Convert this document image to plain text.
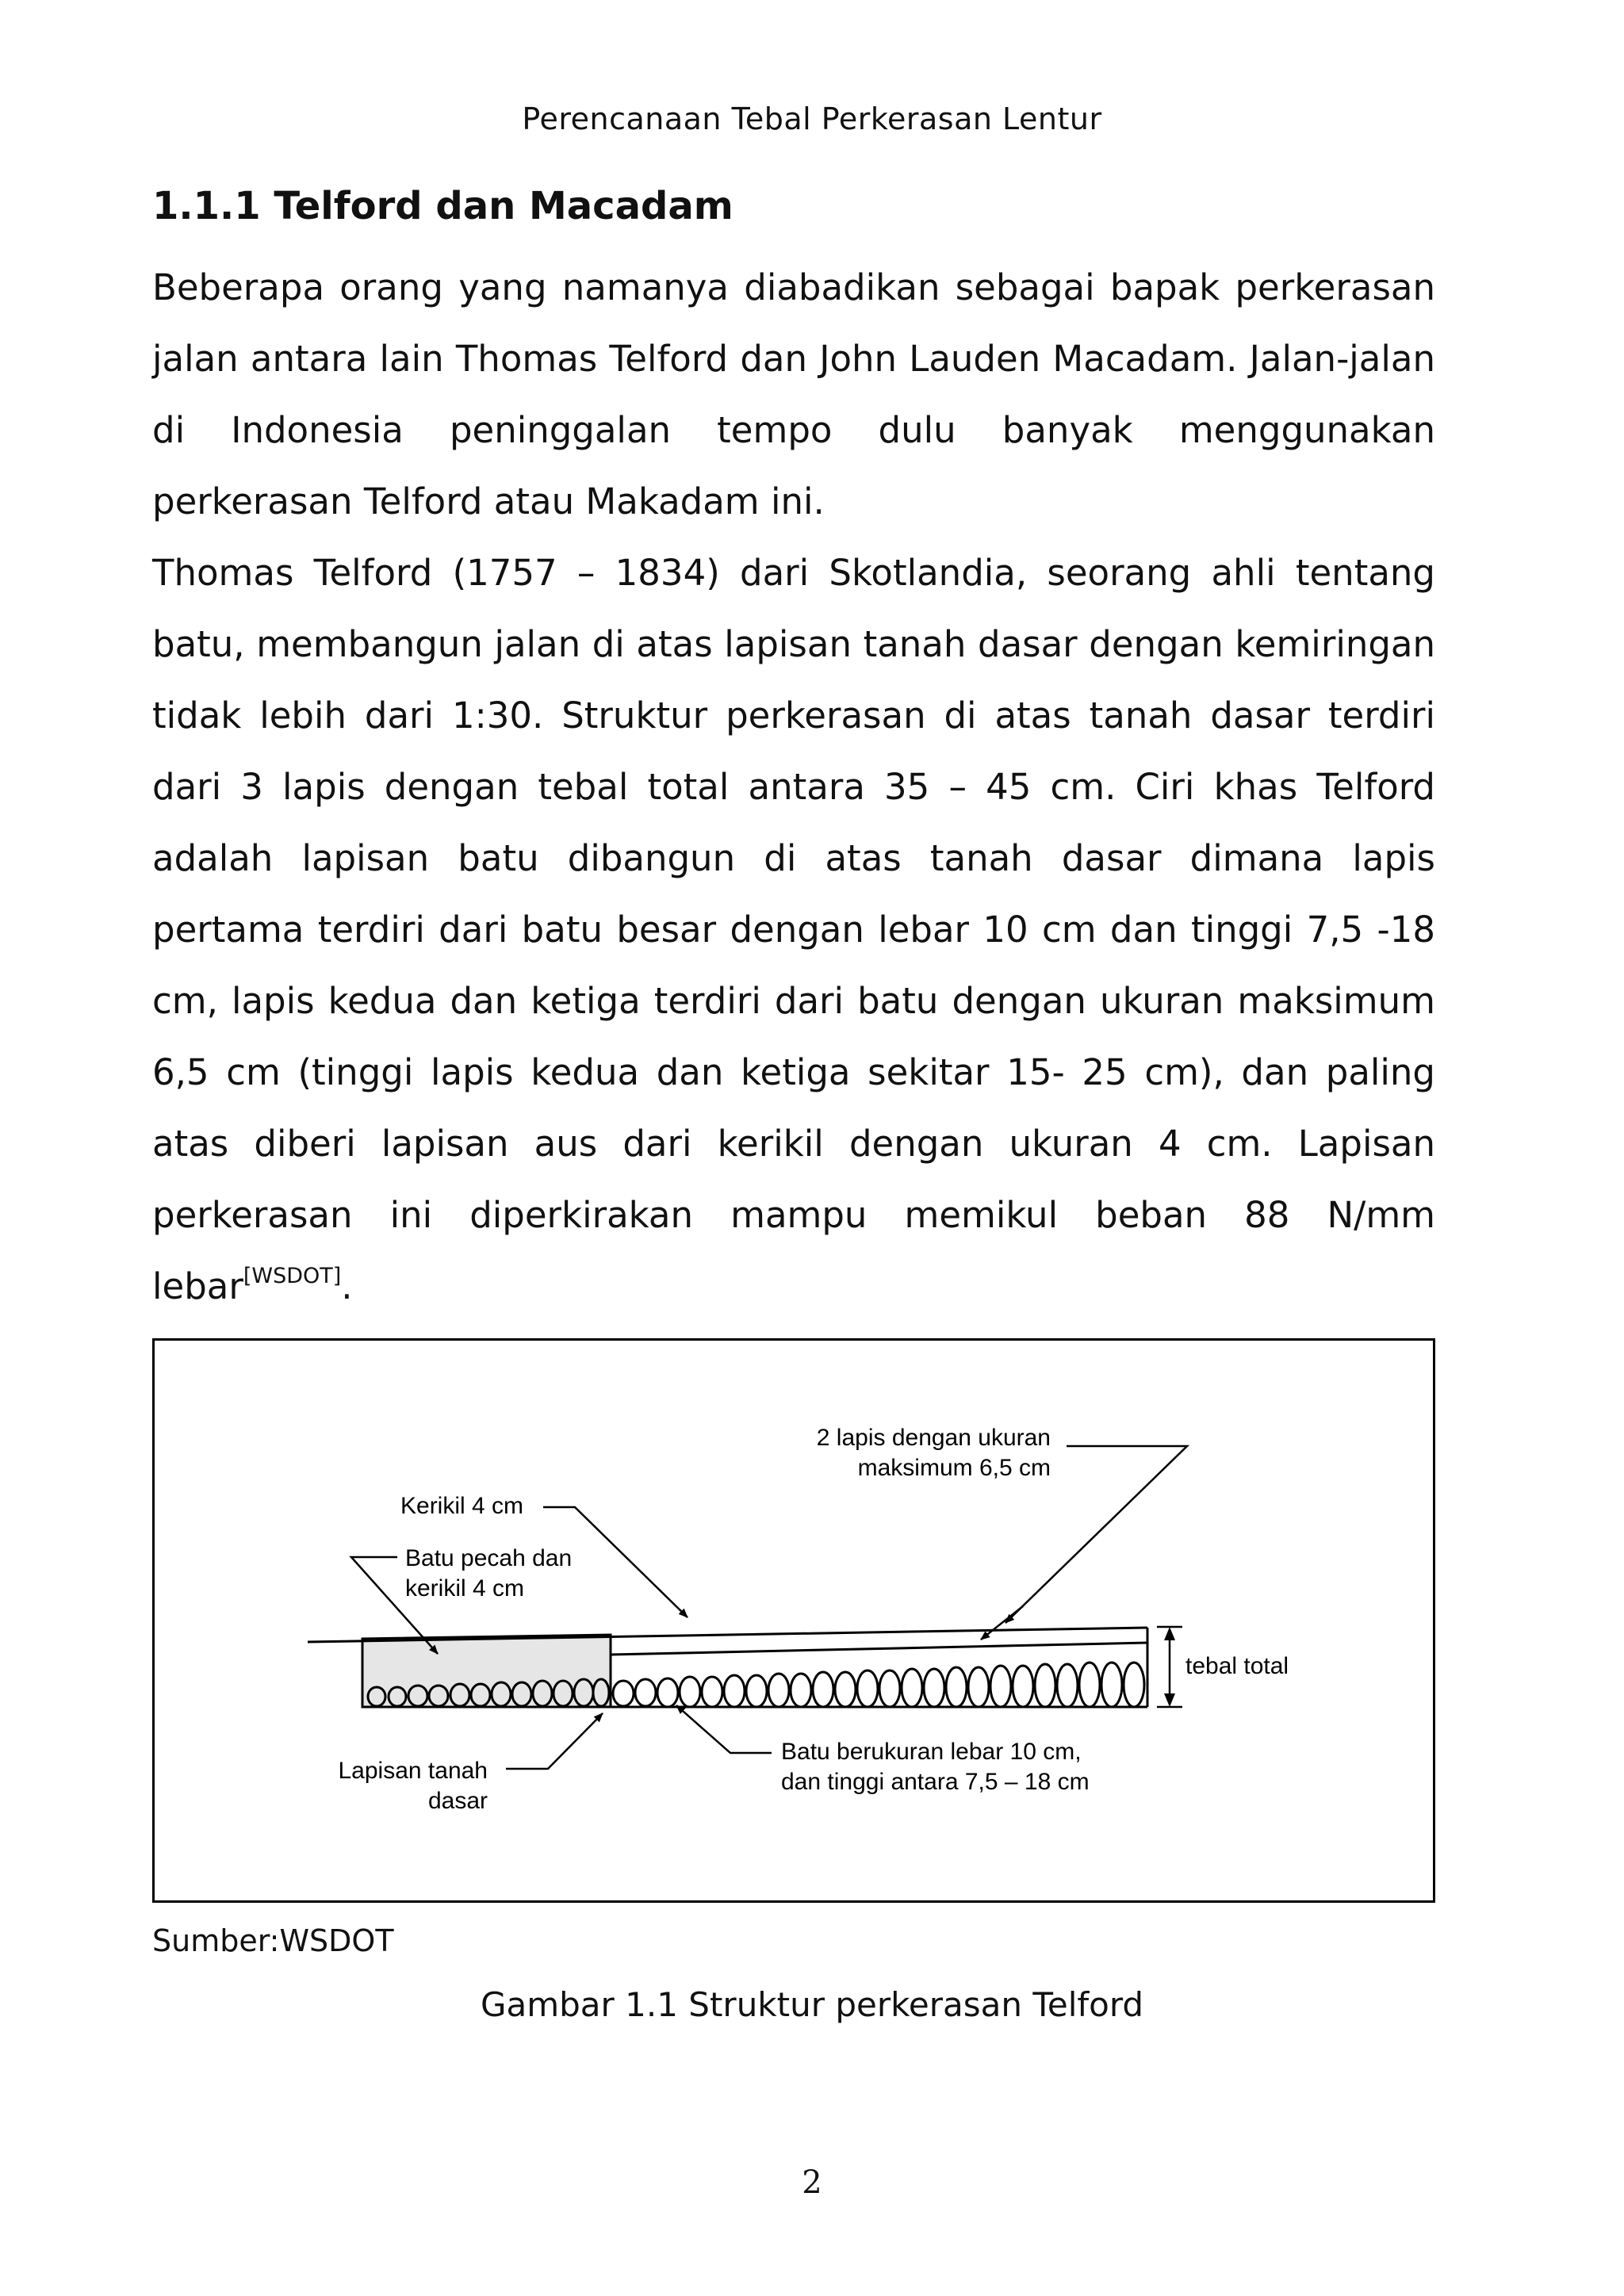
Perencanaan Tebal Perkerasan Lentur
1.1.1 Telford dan Macadam

Beberapa orang yang namanya diabadikan sebagai bapak perkerasan jalan antara lain Thomas Telford dan John Lauden Macadam. Jalan-jalan di Indonesia peninggalan tempo dulu banyak menggunakan perkerasan Telford atau Makadam ini.

Thomas Telford (1757 – 1834) dari Skotlandia, seorang ahli tentang batu, membangun jalan di atas lapisan tanah dasar dengan kemiringan tidak lebih dari 1:30. Struktur perkerasan di atas tanah dasar terdiri dari 3 lapis dengan tebal total antara 35 – 45 cm. Ciri khas Telford adalah lapisan batu dibangun di atas tanah dasar dimana lapis pertama terdiri dari batu besar dengan lebar 10 cm dan tinggi 7,5 -18 cm, lapis kedua dan ketiga terdiri dari batu dengan ukuran maksimum 6,5 cm (tinggi lapis kedua dan ketiga sekitar 15- 25 cm), dan paling atas diberi lapisan aus dari kerikil dengan ukuran 4 cm. Lapisan perkerasan ini diperkirakan mampu memikul beban 88 N/mm lebar[WSDOT].

2 lapis dengan ukuran
maksimum 6,5 cm
Kerikil 4 cm
Batu pecah dan
kerikil 4 cm
tebal total
Lapisan tanah
dasar
Batu berukuran lebar 10 cm,
dan tinggi antara 7,5 – 18 cm
Sumber:WSDOT
Gambar 1.1 Struktur perkerasan Telford
2
